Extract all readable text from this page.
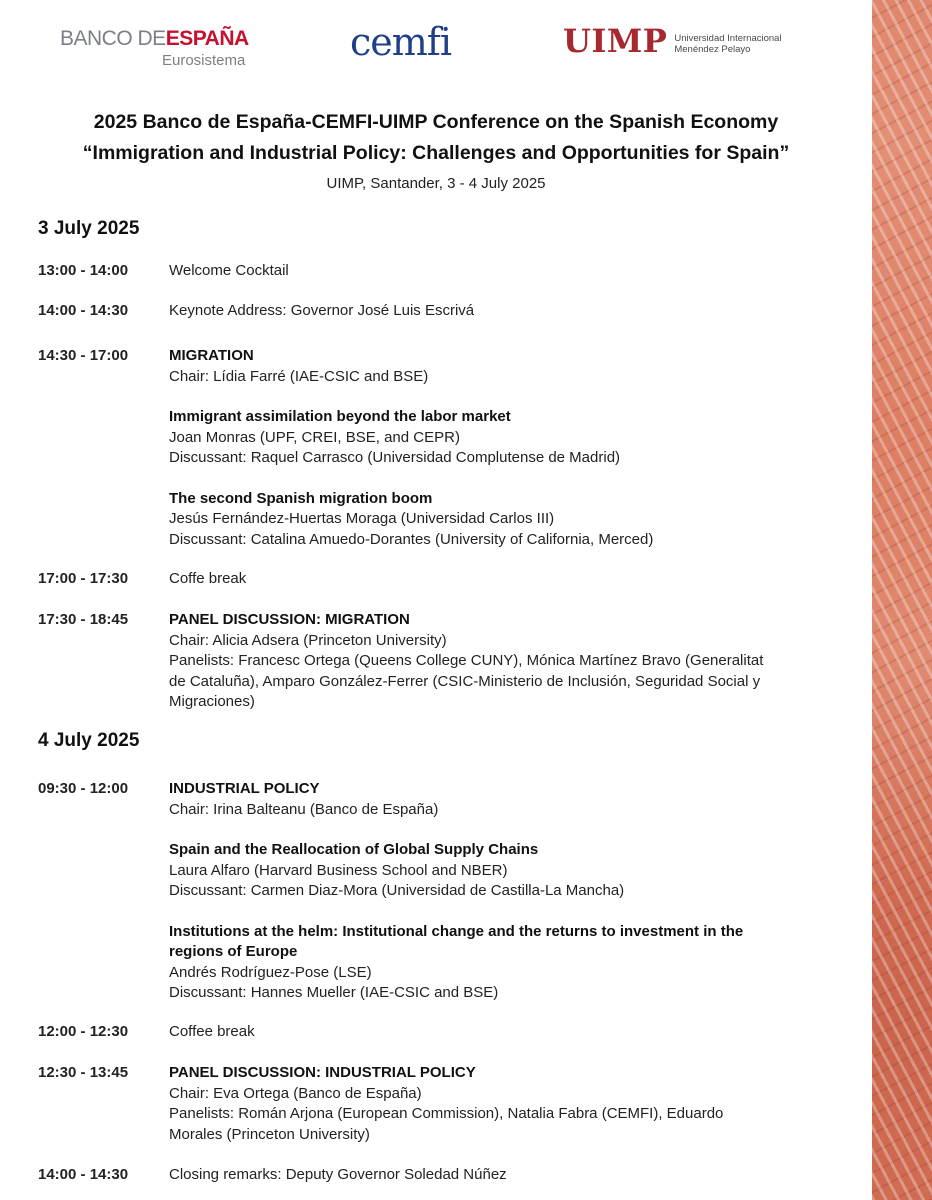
BANCO DEESPAÑA
Eurosistema	cemfi	UIMP Universidad Internacional
Menéndez Pelayo
2025 Banco de España-CEMFI-UIMP Conference on the Spanish Economy
“Immigration and Industrial Policy: Challenges and Opportunities for Spain”
UIMP, Santander, 3 - 4 July 2025
3 July 2025
13:00 - 14:00	Welcome Cocktail
14:00 - 14:30	Keynote Address: Governor José Luis Escrivá
14:30 - 17:00	MIGRATION
Chair: Lídia Farré (IAE-CSIC and BSE)
Immigrant assimilation beyond the labor market
Joan Monras (UPF, CREI, BSE, and CEPR)
Discussant: Raquel Carrasco (Universidad Complutense de Madrid)
The second Spanish migration boom
Jesús Fernández-Huertas Moraga (Universidad Carlos III)
Discussant: Catalina Amuedo-Dorantes (University of California, Merced)
17:00 - 17:30	Coffe break
17:30 - 18:45	PANEL DISCUSSION: MIGRATION
Chair: Alicia Adsera (Princeton University)
Panelists: Francesc Ortega (Queens College CUNY), Mónica Martínez Bravo (Generalitat
de Cataluña), Amparo González-Ferrer (CSIC-Ministerio de Inclusión, Seguridad Social y
Migraciones)
4 July 2025
09:30 - 12:00	INDUSTRIAL POLICY
Chair: Irina Balteanu (Banco de España)
Spain and the Reallocation of Global Supply Chains
Laura Alfaro (Harvard Business School and NBER)
Discussant: Carmen Diaz-Mora (Universidad de Castilla-La Mancha)
Institutions at the helm: Institutional change and the returns to investment in the
regions of Europe
Andrés Rodríguez-Pose (LSE)
Discussant: Hannes Mueller (IAE-CSIC and BSE)
12:00 - 12:30	Coffee break
12:30 - 13:45	PANEL DISCUSSION: INDUSTRIAL POLICY
Chair: Eva Ortega (Banco de España)
Panelists: Román Arjona (European Commission), Natalia Fabra (CEMFI), Eduardo
Morales (Princeton University)
14:00 - 14:30	Closing remarks: Deputy Governor Soledad Núñez
